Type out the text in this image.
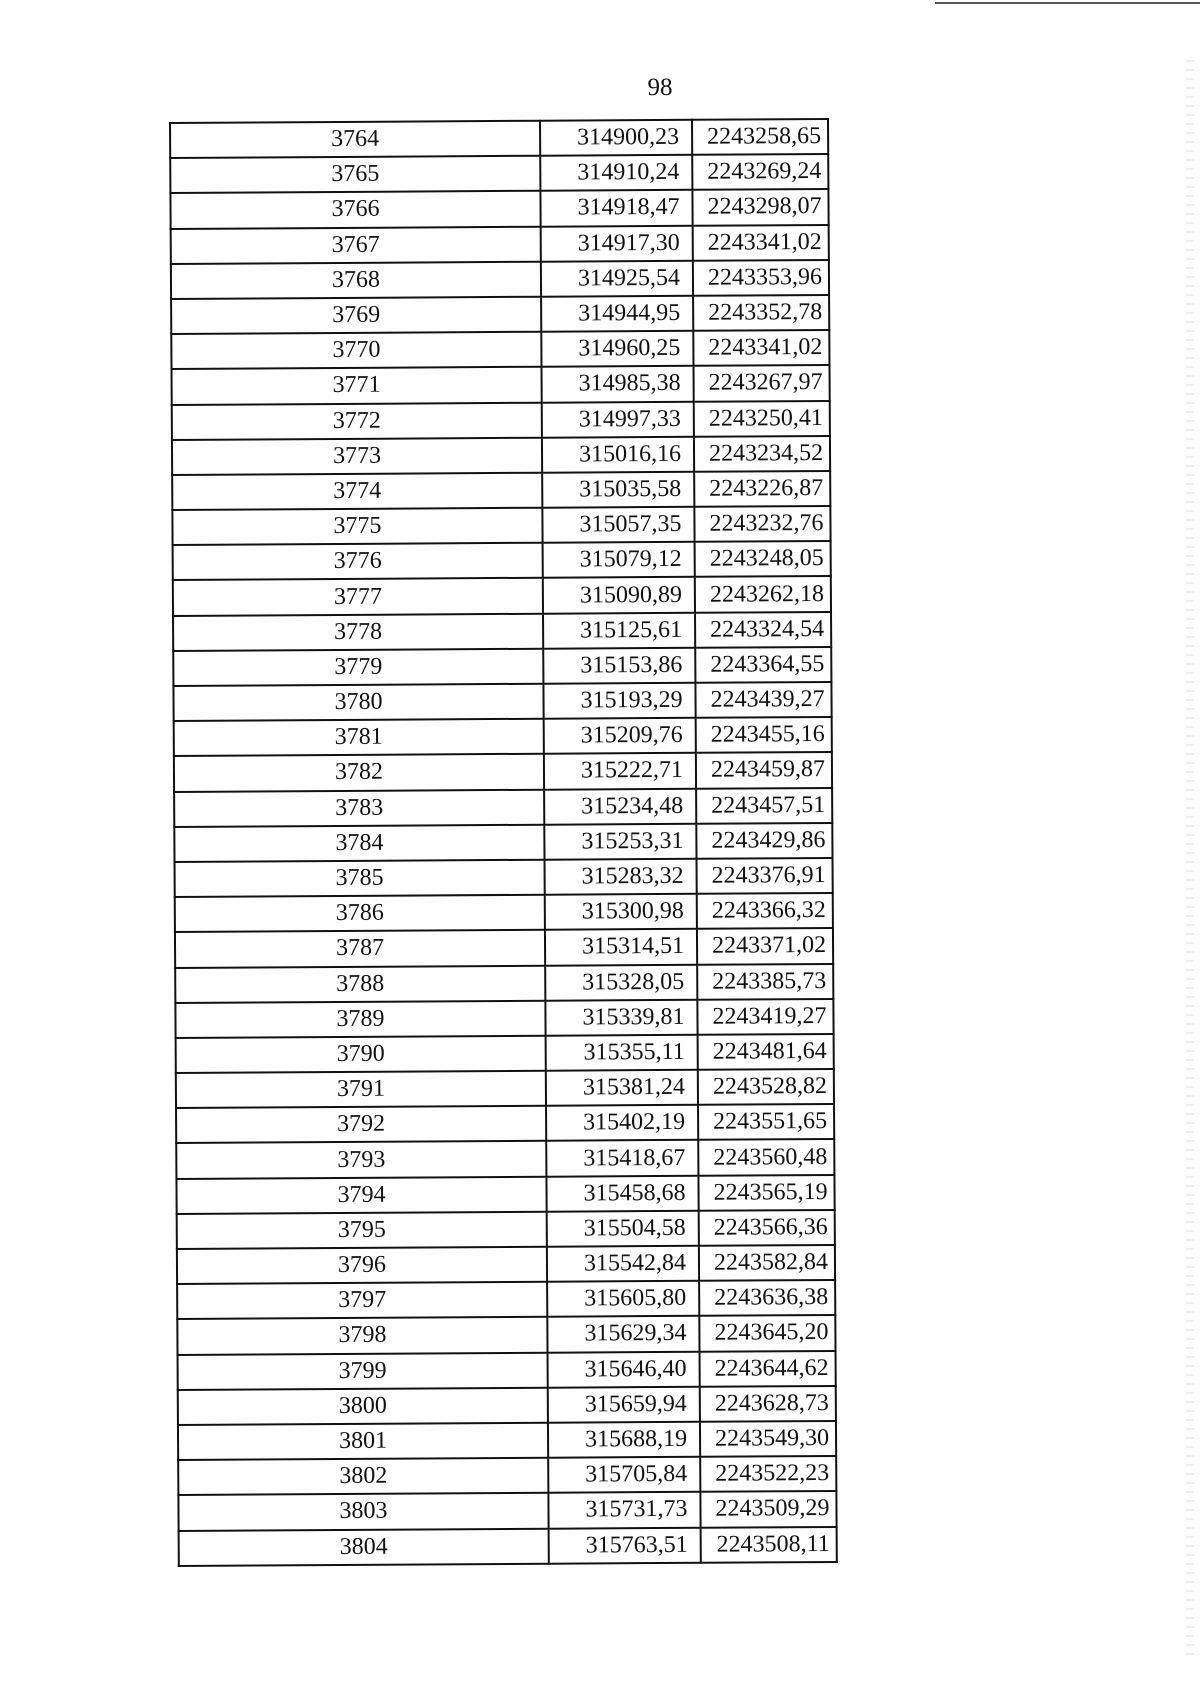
98
3764	314900,23	2243258,65
3765	314910,24	2243269,24
3766	314918,47	2243298,07
3767	314917,30	2243341,02
3768	314925,54	2243353,96
3769	314944,95	2243352,78
3770	314960,25	2243341,02
3771	314985,38	2243267,97
3772	314997,33	2243250,41
3773	315016,16	2243234,52
3774	315035,58	2243226,87
3775	315057,35	2243232,76
3776	315079,12	2243248,05
3777	315090,89	2243262,18
3778	315125,61	2243324,54
3779	315153,86	2243364,55
3780	315193,29	2243439,27
3781	315209,76	2243455,16
3782	315222,71	2243459,87
3783	315234,48	2243457,51
3784	315253,31	2243429,86
3785	315283,32	2243376,91
3786	315300,98	2243366,32
3787	315314,51	2243371,02
3788	315328,05	2243385,73
3789	315339,81	2243419,27
3790	315355,11	2243481,64
3791	315381,24	2243528,82
3792	315402,19	2243551,65
3793	315418,67	2243560,48
3794	315458,68	2243565,19
3795	315504,58	2243566,36
3796	315542,84	2243582,84
3797	315605,80	2243636,38
3798	315629,34	2243645,20
3799	315646,40	2243644,62
3800	315659,94	2243628,73
3801	315688,19	2243549,30
3802	315705,84	2243522,23
3803	315731,73	2243509,29
3804	315763,51	2243508,11
